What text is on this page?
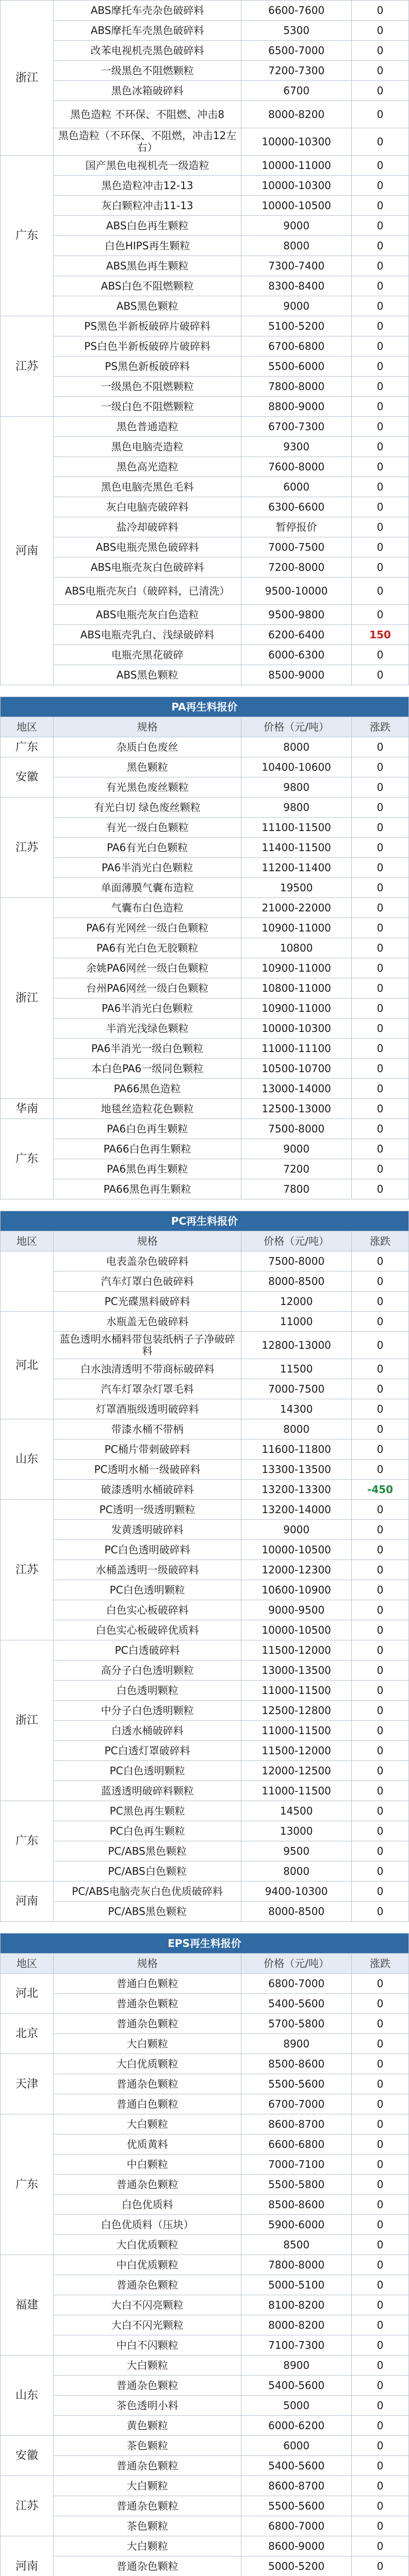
浙江	ABS摩托车壳杂色破碎料	6600-7600	0
	ABS摩托车壳黑色破碎料	5300	0
	改苯电视机壳黑色破碎料	6500-7000	0
	一级黑色不阻燃颗粒	7200-7300	0
	黑色冰箱破碎料	6700	0
	黑色造粒 不环保、不阻燃、冲击8	8000-8200	0
	黑色造粒（不环保、不阻燃，冲击12左右）	10000-10300	0
广东	国产黑色电视机壳一级造粒	10000-11000	0
	黑色造粒冲击12-13	10000-10300	0
	灰白颗粒冲击11-13	10000-10500	0
	ABS白色再生颗粒	9000	0
	白色HIPS再生颗粒	8000	0
	ABS黑色再生颗粒	7300-7400	0
	ABS白色不阻燃颗粒	8300-8400	0
	ABS黑色颗粒	9000	0
江苏	PS黑色半新板破碎片破碎料	5100-5200	0
	PS白色半新板破碎片破碎料	6700-6800	0
	PS黑色新板破碎料	5500-6000	0
	一级黑色不阻燃颗粒	7800-8000	0
	一级白色不阻燃颗粒	8800-9000	0
河南	黑色普通造粒	6700-7300	0
	黑色电脑壳造粒	9300	0
	黑色高光造粒	7600-8000	0
	黑色电脑壳黑色毛料	6000	0
	灰白电脑壳破碎料	6300-6600	0
	盐冷却破碎料	暂停报价	0
	ABS电瓶壳黑色破碎料	7000-7500	0
	ABS电瓶壳灰白色破碎料	7200-8000	0
	ABS电瓶壳灰白（破碎料，已清洗）	9500-10000	0
	ABS电瓶壳灰白色造粒	9500-9800	0
	ABS电瓶壳乳白、浅绿破碎料	6200-6400	150
	电瓶壳黑花破碎	6000-6300	0
	ABS黑色颗粒	8500-9000	0
PA再生料报价			
地区	规格	价格（元/吨）	涨跌
广东	杂质白色废丝	8000	0
安徽	黑色颗粒	10400-10600	0
	有光黑色废丝颗粒	9800	0
江苏	有光白切 绿色废丝颗粒	9800	0
	有光一级白色颗粒	11100-11500	0
	PA6有光白色颗粒	11400-11500	0
	PA6半消光白色颗粒	11200-11400	0
	单面薄膜气囊布造粒	19500	0
浙江	气囊布白色造粒	21000-22000	0
	PA6有光网丝一级白色颗粒	10900-11000	0
	PA6有光白色无胶颗粒	10800	0
	余姚PA6网丝一级白色颗粒	10900-11000	0
	台州PA6网丝一级白色颗粒	10800-11000	0
	PA6半消光白色颗粒	10900-11000	0
	半消光浅绿色颗粒	10000-10300	0
	PA6半消光一级白色颗粒	11000-11100	0
	本白色PA6一级同色颗粒	10500-10700	0
	PA66黑色造粒	13000-14000	0
华南	地毯丝造粒花色颗粒	12500-13000	0
广东	PA6白色再生颗粒	7500-8000	0
	PA66白色再生颗粒	9000	0
	PA6黑色再生颗粒	7200	0
	PA66黑色再生颗粒	7800	0
PC再生料报价			
地区	规格	价格（元/吨）	涨跌
	电表盖杂色破碎料	7500-8000	0
	汽车灯罩白色破碎料	8000-8500	0
	PC光碟黑料破碎料	12000	0
河北	水瓶盖无色破碎料	11000	0
	蓝色透明水桶料带包装纸柄子子净破碎料	12800-13000	0
	白水浊清透明不带商标破碎料	11500	0
	汽车灯罩杂灯罩毛料	7000-7500	0
	灯罩酒瓶级透明破碎料	14300	0
山东	带漆水桶不带柄	8000	0
	PC桶片带刺破碎料	11600-11800	0
	PC透明水桶一级破碎料	13300-13500	0
	破漆透明水桶破碎料	13200-13300	-450
江苏	PC透明一级透明颗粒	13200-14000	0
	发黄透明破碎料	9000	0
	PC白色透明破碎料	10000-10500	0
	水桶盖透明一级破碎料	12000-12300	0
	PC白色透明颗粒	10600-10900	0
	白色实心板破碎料	9000-9500	0
	白色实心板破碎优质料	10000-10500	0
浙江	PC白透破碎料	11500-12000	0
	高分子白色透明颗粒	13000-13500	0
	白色透明颗粒	11000-11500	0
	中分子白色透明颗粒	12500-12800	0
	白透水桶破碎料	11000-11500	0
	PC白透灯罩破碎料	11500-12000	0
	PC白色透明颗粒	12000-12500	0
	蓝透透明破碎料颗粒	11000-11500	0
广东	PC黑色再生颗粒	14500	0
	PC白色再生颗粒	13000	0
	PC/ABS黑色颗粒	9500	0
	PC/ABS白色颗粒	8000	0
河南	PC/ABS电脑壳灰白色优质破碎料	9400-10300	0
	PC/ABS黑色颗粒	8000-8500	0
EPS再生料报价			
地区	规格	价格（元/吨）	涨跌
河北	普通白色颗粒	6800-7000	0
	普通杂色颗粒	5400-5600	0
北京	普通杂色颗粒	5700-5800	0
	大白颗粒	8900	0
天津	大白优质颗粒	8500-8600	0
	普通杂色颗粒	5500-5600	0
	普通白色颗粒	6700-7000	0
广东	大白颗粒	8600-8700	0
	优质黄料	6600-6800	0
	中白颗粒	7000-7100	0
	普通杂色颗粒	5500-5800	0
	白色优质料	8500-8600	0
	白色优质料（压块）	5900-6000	0
	大白优质颗粒	8500	0
福建	中白优质颗粒	7800-8000	0
	普通杂色颗粒	5000-5100	0
	大白不闪亮颗粒	8100-8200	0
	大白不闪光颗粒	8000-8200	0
	中白不闪颗粒	7100-7300	0
山东	大白颗粒	8900	0
	普通杂色颗粒	5400-5600	0
	茶色透明小料	5000	0
	黄色颗粒	6000-6200	0
安徽	茶色颗粒	6000	0
	普通杂色颗粒	5400-5600	0
江苏	大白颗粒	8600-8700	0
	普通杂色颗粒	5500-5600	0
	茶色颗粒	6800-7000	0
河南	大白颗粒	8600-9000	0
	普通杂色颗粒	5000-5200	0
